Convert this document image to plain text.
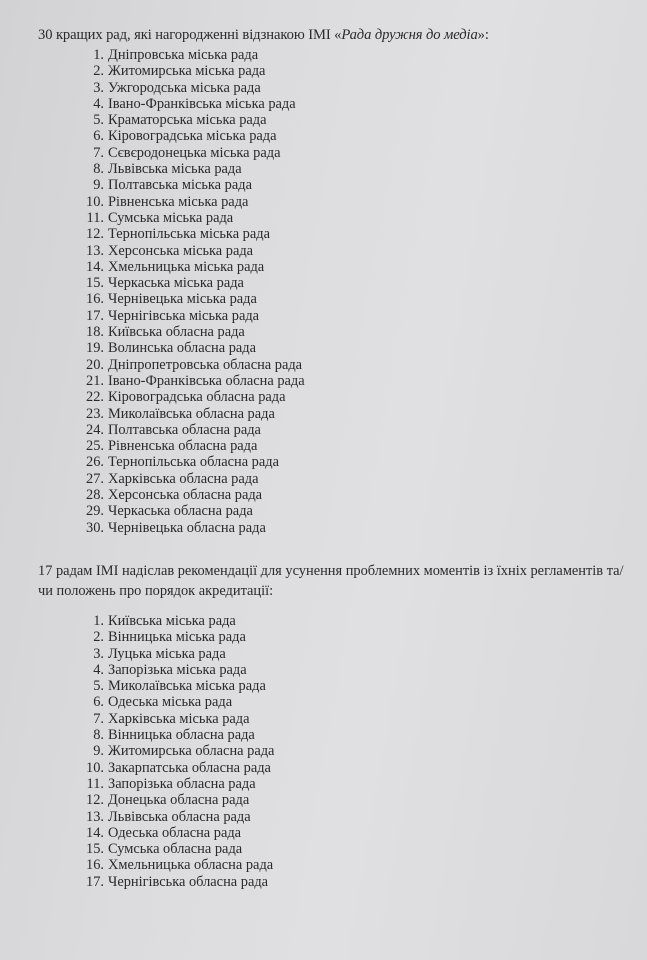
30 кращих рад, які нагородженні відзнакою IMI «Рада дружня до медіа»:
1. Дніпровська міська рада
2. Житомирська міська рада
3. Ужгородська міська рада
4. Івано-Франківська міська рада
5. Краматорська міська рада
6. Кіровоградська міська рада
7. Сєвєродонецька міська рада
8. Львівська міська рада
9. Полтавська міська рада
10. Рівненська міська рада
11. Сумська міська рада
12. Тернопільська міська рада
13. Херсонська міська рада
14. Хмельницька міська рада
15. Черкаська міська рада
16. Чернівецька міська рада
17. Чернігівська міська рада
18. Київська обласна рада
19. Волинська обласна рада
20. Дніпропетровська обласна рада
21. Івано-Франківська обласна рада
22. Кіровоградська обласна рада
23. Миколаївська обласна рада
24. Полтавська обласна рада
25. Рівненська обласна рада
26. Тернопільська обласна рада
27. Харківська обласна рада
28. Херсонська обласна рада
29. Черкаська обласна рада
30. Чернівецька обласна рада
17 радам IMI надіслав рекомендації для усунення проблемних моментів із їхніх регламентів та/чи положень про порядок акредитації:
1. Київська міська рада
2. Вінницька міська рада
3. Луцька міська рада
4. Запорізька міська рада
5. Миколаївська міська рада
6. Одеська міська рада
7. Харківська міська рада
8. Вінницька обласна рада
9. Житомирська обласна рада
10. Закарпатська обласна рада
11. Запорізька обласна рада
12. Донецька обласна рада
13. Львівська обласна рада
14. Одеська обласна рада
15. Сумська обласна рада
16. Хмельницька обласна рада
17. Чернігівська обласна рада
